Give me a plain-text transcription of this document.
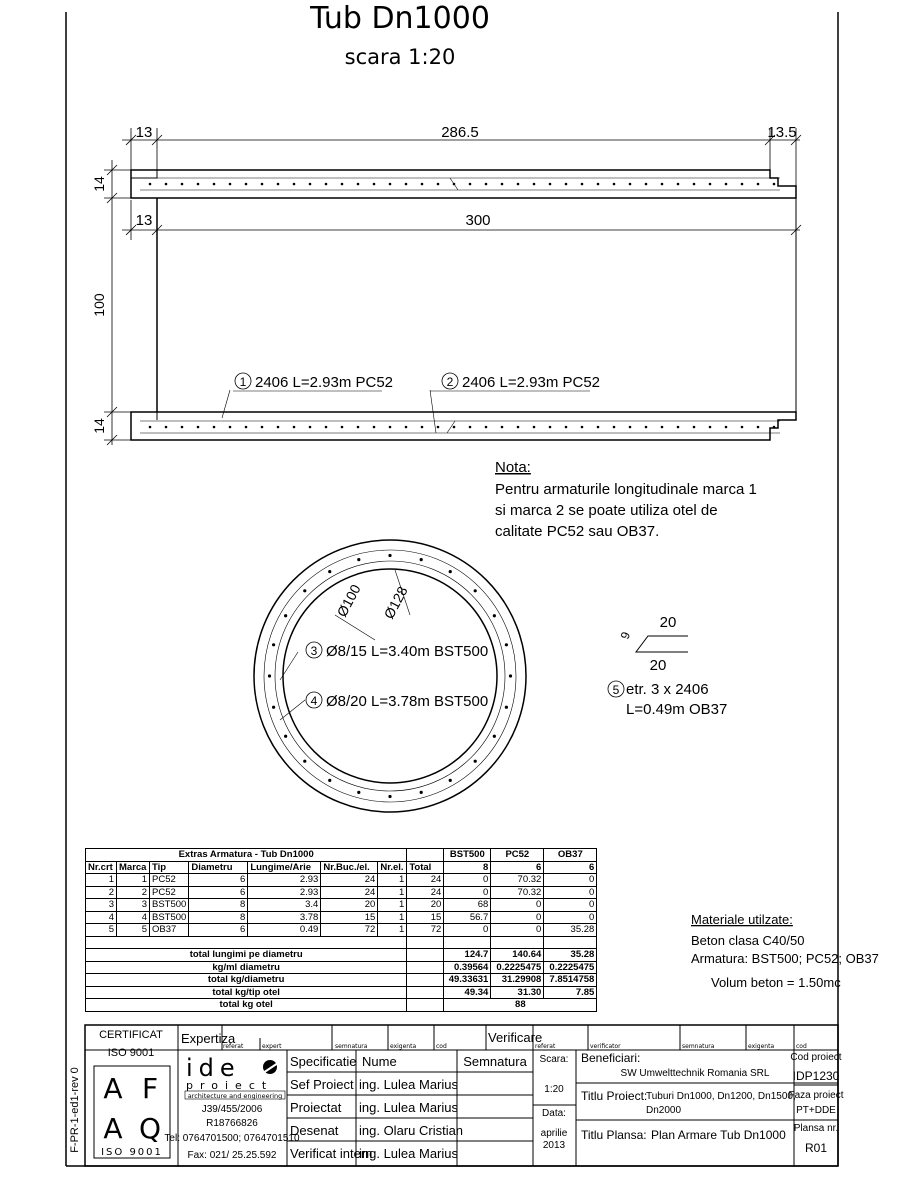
Tub Dn1000
scara 1:20
13	286.5	13.5
13	300
14
100
14
1 2406 L=2.93m PC52	2 2406 L=2.93m PC52
Nota:
Pentru armaturile longitudinale marca 1
si marca 2 se poate utiliza otel de
calitate PC52 sau OB37.
Ø100 Ø128
3 Ø8/15 L=3.40m BST500
4 Ø8/20 L=3.78m BST500
20
20
9
5 etr. 3 x 2406
L=0.49m OB37
Materiale utilzate:
Beton clasa C40/50
Armatura: BST500; PC52; OB37
Volum beton = 1.50mc
CERTIFICAT
ISO 9001
A F
A Q
ISO 9001
Expertiza
referat	expert	semnatura	exigenta	cod
Verificare
referat	verificator	semnatura	exigenta	cod
ide
proiect
architecture and engineering
J39/455/2006
R18766826
Tel: 0764701500; 0764701510
Fax: 021/ 25.25.592
Specificatie
Sef Proiect
Proiectat
Desenat
Verificat intern
Nume
ing. Lulea Marius
ing. Lulea Marius
ing. Olaru Cristian
ing. Lulea Marius
Semnatura Scara:
1:20
Data:
aprilie
2013
Beneficiari:
SW Umwelttechnik Romania SRL
Titlu Proiect:
Tuburi Dn1000, Dn1200, Dn1500,
Dn2000
Titlu Plansa: Plan Armare Tub Dn1000
Cod proiect
IDP1230
Faza proiect
PT+DDE
Plansa nr.
R01
F-PR-1-ed1-rev 0
Extras Armatura - Tub Dn1000								BST500	PC52	OB37
Nr.crt	Marca	Tip	Diametru	Lungime/Arie	Nr.Buc./el.	Nr.el.	Total	8	6	6
1	1	PC52	6	2.93	24	1	24	0	70.32	0
2	2	PC52	6	2.93	24	1	24	0	70.32	0
3	3	BST500	8	3.4	20	1	20	68	0	0
4	4	BST500	8	3.78	15	1	15	56.7	0	0
5	5	OB37	6	0.49	72	1	72	0	0	35.28

total lungimi pe diametru								124.7	140.64	35.28
kg/ml diametru								0.39564	0.2225475	0.2225475
total kg/diametru								49.33631	31.29908	7.8514758
total kg/tip otel								49.34	31.30	7.85
total kg otel								88		
